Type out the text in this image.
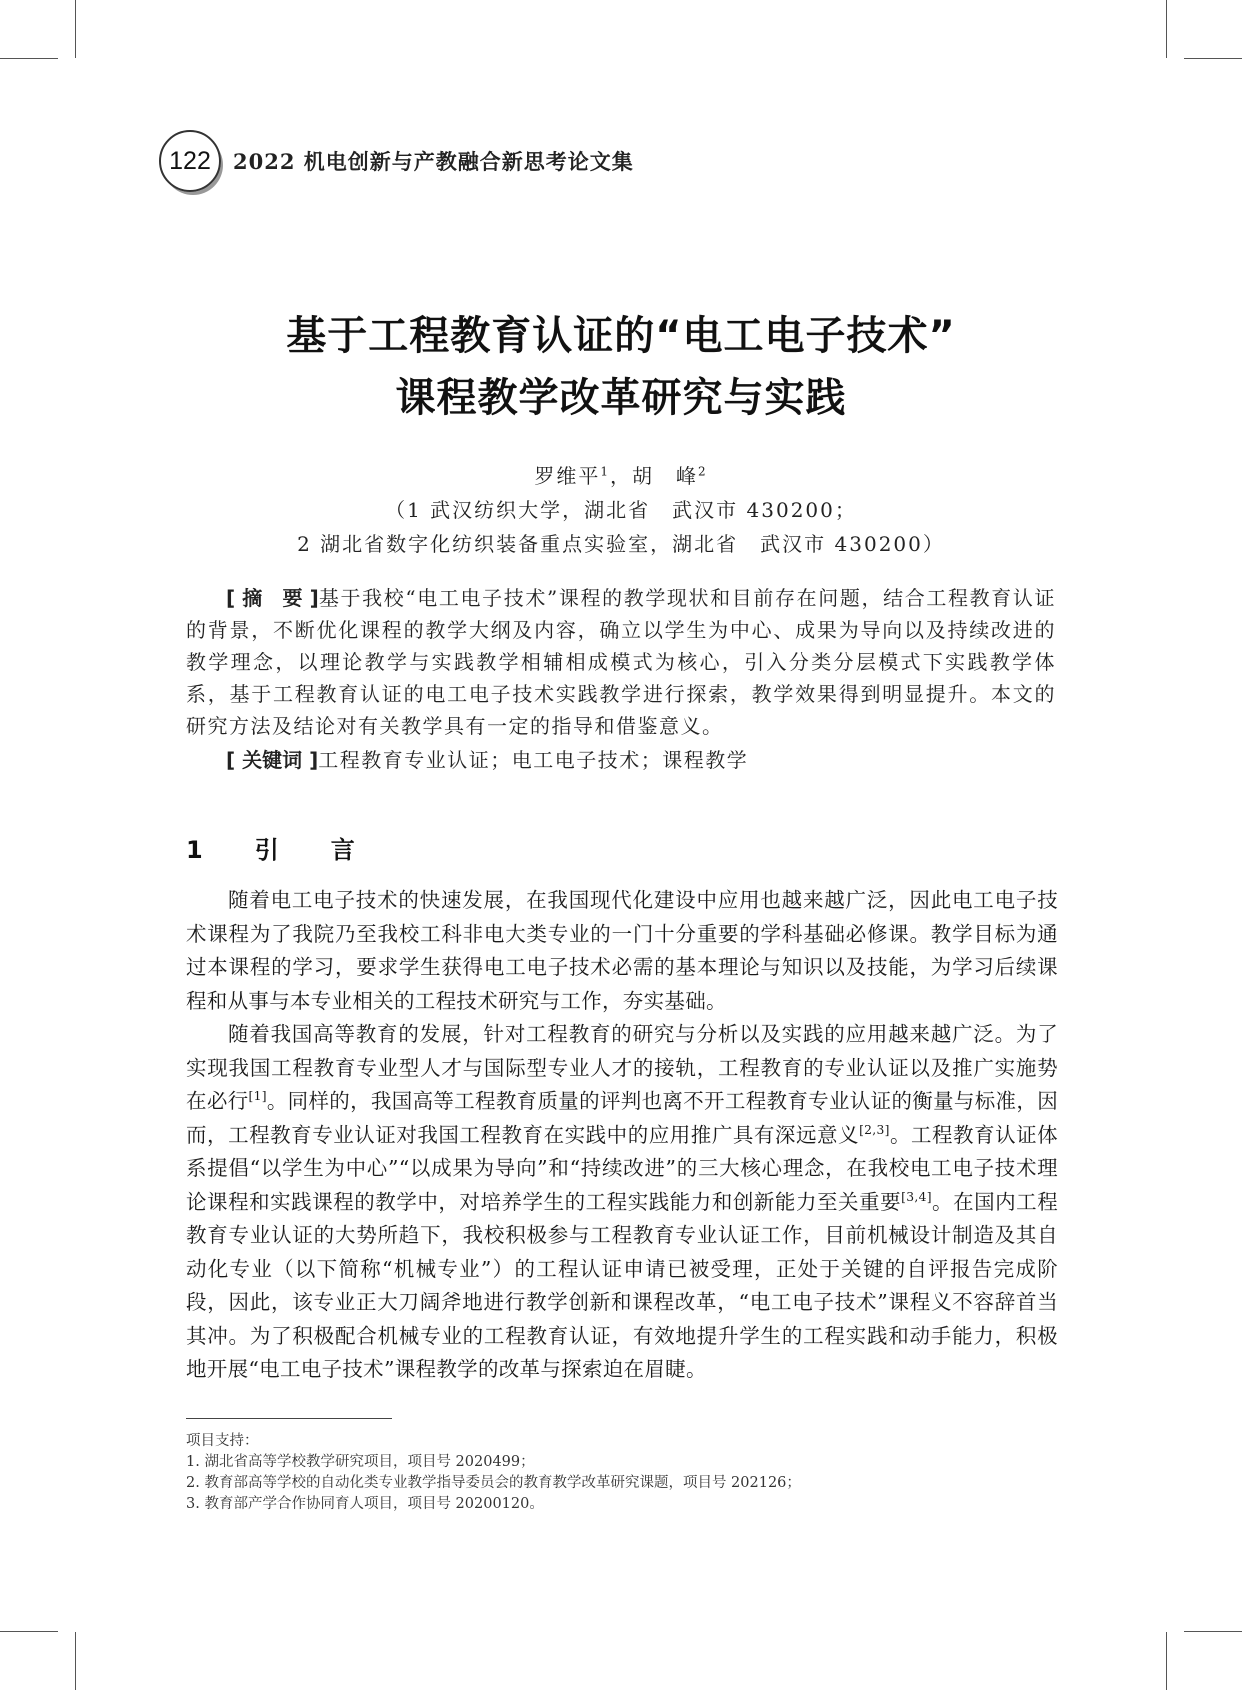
122	2022 机电创新与产教融合新思考论文集
基于工程教育认证的“电工电子技术”
课程教学改革研究与实践
罗维平$^1$，胡　峰$^2$
（1 武汉纺织大学，湖北省　武汉市 430200；
2 湖北省数字化纺织装备重点实验室，湖北省　武汉市 430200）

[ 摘　要 ]基于我校“电工电子技术”课程的教学现状和目前存在问题，结合工程教育认证的背景，不断优化课程的教学大纲及内容，确立以学生为中心、成果为导向以及持续改进的教学理念，以理论教学与实践教学相辅相成模式为核心，引入分类分层模式下实践教学体系，基于工程教育认证的电工电子技术实践教学进行探索，教学效果得到明显提升。本文的研究方法及结论对有关教学具有一定的指导和借鉴意义。

[ 关键词 ]工程教育专业认证；电工电子技术；课程教学

1　引　言

随着电工电子技术的快速发展，在我国现代化建设中应用也越来越广泛，因此电工电子技术课程为了我院乃至我校工科非电大类专业的一门十分重要的学科基础必修课。教学目标为通过本课程的学习，要求学生获得电工电子技术必需的基本理论与知识以及技能，为学习后续课程和从事与本专业相关的工程技术研究与工作，夯实基础。

随着我国高等教育的发展，针对工程教育的研究与分析以及实践的应用越来越广泛。为了实现我国工程教育专业型人才与国际型专业人才的接轨，工程教育的专业认证以及推广实施势在必行[1]。同样的，我国高等工程教育质量的评判也离不开工程教育专业认证的衡量与标准，因而，工程教育专业认证对我国工程教育在实践中的应用推广具有深远意义[2,3]。工程教育认证体系提倡“以学生为中心”“以成果为导向”和“持续改进”的三大核心理念，在我校电工电子技术理论课程和实践课程的教学中，对培养学生的工程实践能力和创新能力至关重要[3,4]。在国内工程教育专业认证的大势所趋下，我校积极参与工程教育专业认证工作，目前机械设计制造及其自动化专业（以下简称“机械专业”）的工程认证申请已被受理，正处于关键的自评报告完成阶段，因此，该专业正大刀阔斧地进行教学创新和课程改革，“电工电子技术”课程义不容辞首当其冲。为了积极配合机械专业的工程教育认证，有效地提升学生的工程实践和动手能力，积极地开展“电工电子技术”课程教学的改革与探索迫在眉睫。

项目支持：
1. 湖北省高等学校教学研究项目，项目号 2020499；
2. 教育部高等学校的自动化类专业教学指导委员会的教育教学改革研究课题，项目号 202126；
3. 教育部产学合作协同育人项目，项目号 20200120。
